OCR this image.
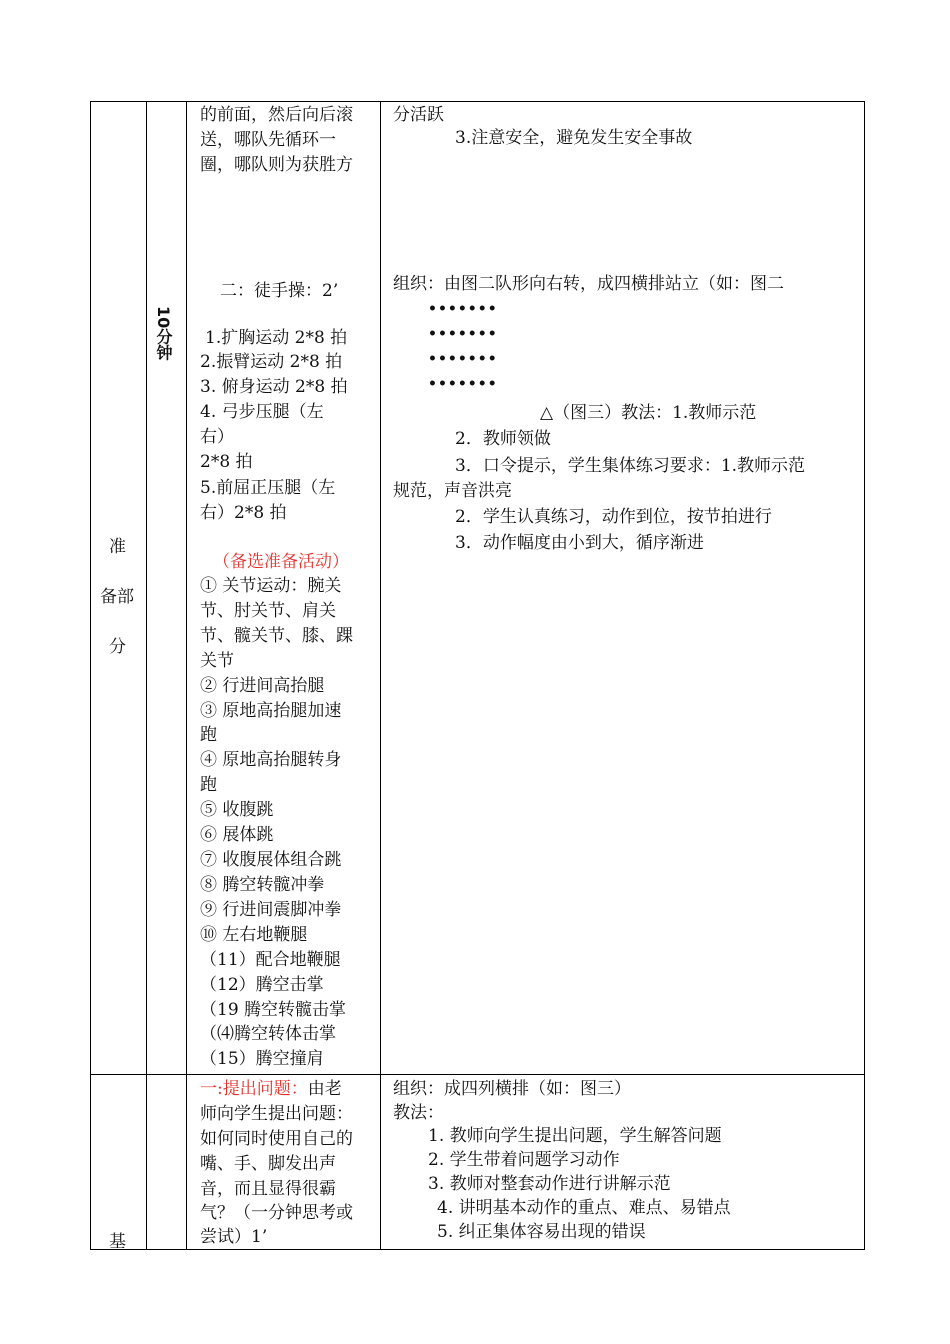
准
备部
分
基
10分钟
的前面，然后向后滚
送，哪队先循环一
圈，哪队则为获胜方
二：徒手操：2’
1.扩胸运动 2*8 拍
2.振臂运动 2*8 拍
3. 俯身运动 2*8 拍
4. 弓步压腿（左
右）
2*8 拍
5.前屈正压腿（左
右）2*8 拍
（备选准备活动）
① 关节运动：腕关
节、肘关节、肩关
节、髋关节、膝、踝
关节
② 行进间高抬腿
③ 原地高抬腿加速
跑
④ 原地高抬腿转身
跑
⑤ 收腹跳
⑥ 展体跳
⑦ 收腹展体组合跳
⑧ 腾空转髋冲拳
⑨ 行进间震脚冲拳
⑩ 左右地鞭腿
（11）配合地鞭腿
（12）腾空击掌
（19 腾空转髋击掌
（⑷腾空转体击掌
（15）腾空撞肩
分活跃
3.注意安全，避免发生安全事故
组织：由图二队形向右转，成四横排站立（如：图二
•••••••
•••••••
•••••••
•••••••
△（图三）教法：1.教师示范
2．教师领做
3．口令提示，学生集体练习要求：1.教师示范
规范，声音洪亮
2．学生认真练习，动作到位，按节拍进行
3．动作幅度由小到大，循序渐进
一:提出问题：由老
师向学生提出问题：
如何同时使用自己的
嘴、手、脚发出声
音，而且显得很霸
气？（一分钟思考或
尝试）1’
组织：成四列横排（如：图三）
教法：
1. 教师向学生提出问题，学生解答问题
2. 学生带着问题学习动作
3. 教师对整套动作进行讲解示范
4. 讲明基本动作的重点、难点、易错点
5. 纠正集体容易出现的错误
